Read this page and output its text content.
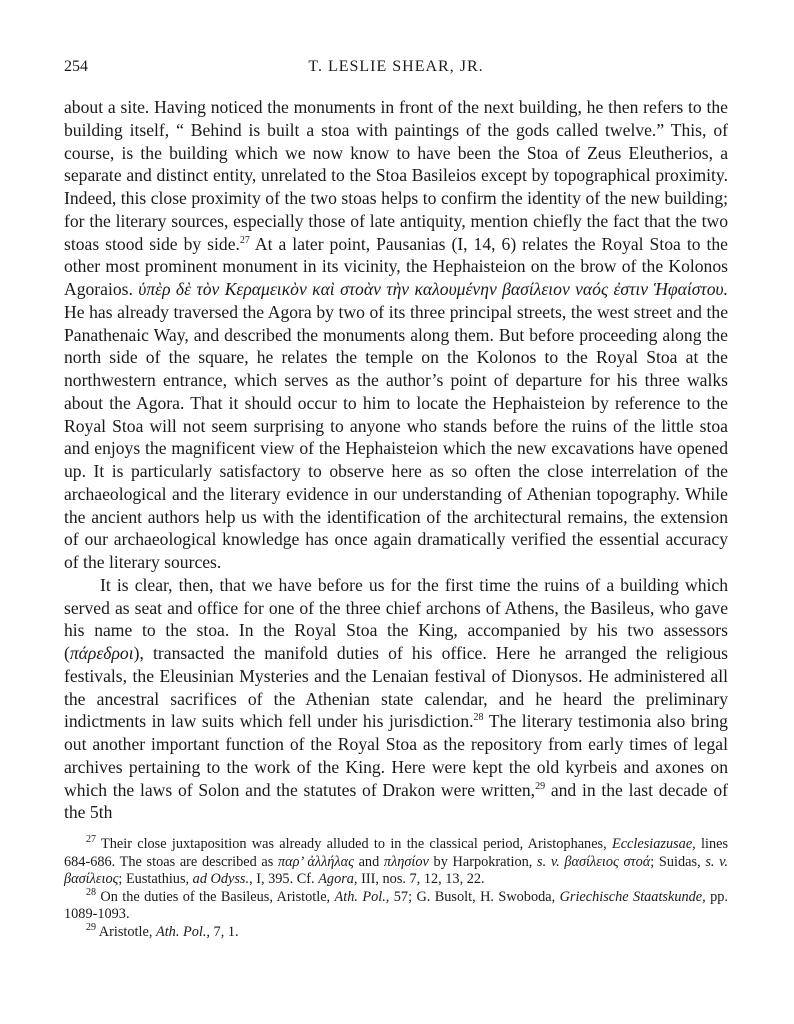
254	T. LESLIE SHEAR, JR.

about a site. Having noticed the monuments in front of the next building, he then refers to the building itself, “ Behind is built a stoa with paintings of the gods called twelve.” This, of course, is the building which we now know to have been the Stoa of Zeus Eleutherios, a separate and distinct entity, unrelated to the Stoa Basileios except by topographical proximity. Indeed, this close proximity of the two stoas helps to confirm the identity of the new building; for the literary sources, especially those of late antiquity, mention chiefly the fact that the two stoas stood side by side.$^{27}$ At a later point, Pausanias (I, 14, 6) relates the Royal Stoa to the other most prominent monument in its vicinity, the Hephaisteion on the brow of the Kolonos Agoraios. ὑπὲρ δὲ τὸν Κεραμεικὸν καὶ στοὰν τὴν καλουμένην βασίλειον ναός ἐστιν Ἡφαίστου. He has already traversed the Agora by two of its three principal streets, the west street and the Panathenaic Way, and described the monuments along them. But before proceeding along the north side of the square, he relates the temple on the Kolonos to the Royal Stoa at the northwestern entrance, which serves as the author’s point of departure for his three walks about the Agora. That it should occur to him to locate the Hephaisteion by reference to the Royal Stoa will not seem surprising to anyone who stands before the ruins of the little stoa and enjoys the magnificent view of the Hephaisteion which the new excavations have opened up. It is particularly satisfactory to observe here as so often the close interrelation of the archaeological and the literary evidence in our understanding of Athenian topography. While the ancient authors help us with the identification of the architectural remains, the extension of our archaeological knowledge has once again dramatically verified the essential accuracy of the literary sources.

It is clear, then, that we have before us for the first time the ruins of a building which served as seat and office for one of the three chief archons of Athens, the Basileus, who gave his name to the stoa. In the Royal Stoa the King, accompanied by his two assessors (πάρεδροι), transacted the manifold duties of his office. Here he arranged the religious festivals, the Eleusinian Mysteries and the Lenaian festival of Dionysos. He administered all the ancestral sacrifices of the Athenian state calendar, and he heard the preliminary indictments in law suits which fell under his jurisdiction.$^{28}$ The literary testimonia also bring out another important function of the Royal Stoa as the repository from early times of legal archives pertaining to the work of the King. Here were kept the old kyrbeis and axones on which the laws of Solon and the statutes of Drakon were written,$^{29}$ and in the last decade of the 5th

$^{27}$ Their close juxtaposition was already alluded to in the classical period, Aristophanes, Ecclesiazusae, lines 684-686. The stoas are described as παρ’ ἀλλήλας and πλησίον by Harpokration, s. v. βασίλειος στοά; Suidas, s. v. βασίλειος; Eustathius, ad Odyss., I, 395. Cf. Agora, III, nos. 7, 12, 13, 22.

$^{28}$ On the duties of the Basileus, Aristotle, Ath. Pol., 57; G. Busolt, H. Swoboda, Griechische Staatskunde, pp. 1089-1093.

$^{29}$ Aristotle, Ath. Pol., 7, 1.
